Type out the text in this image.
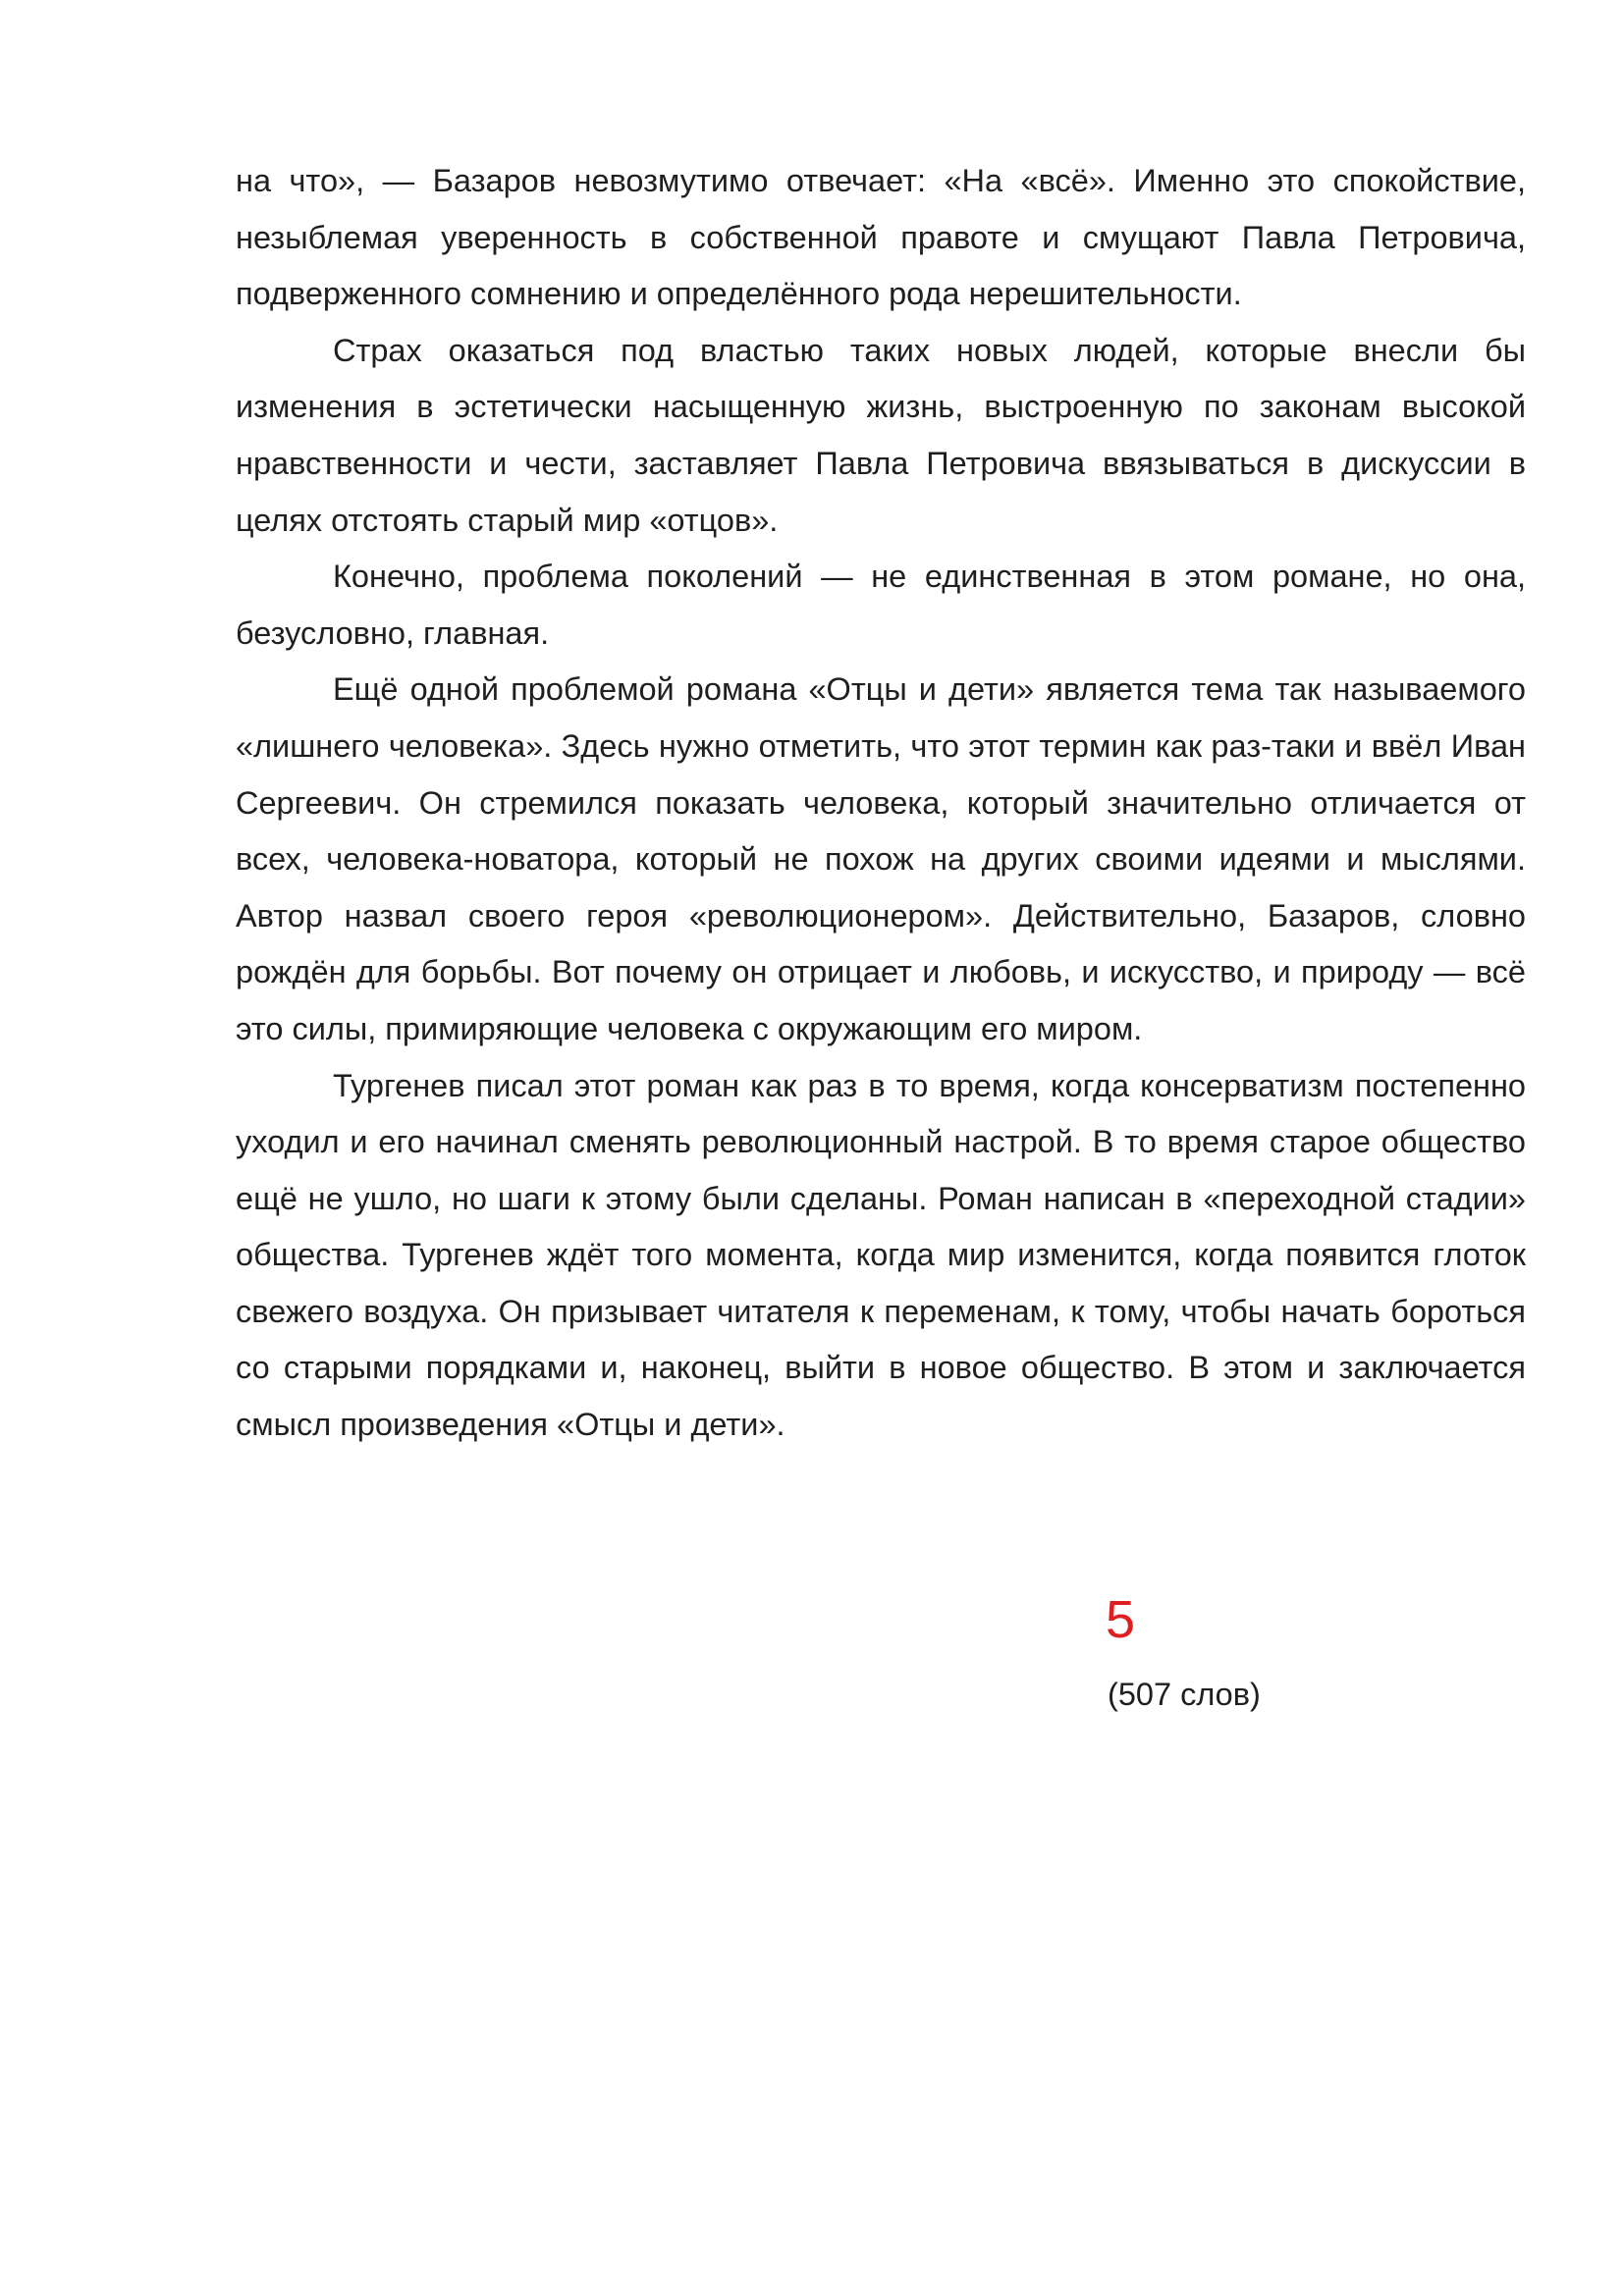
на что», — Базаров невозмутимо отвечает: «На «всё». Именно это спокойствие, незыблемая уверенность в собственной правоте и смущают Павла Петровича, подверженного сомнению и определённого рода нерешительности.

Страх оказаться под властью таких новых людей, которые внесли бы изменения в эстетически насыщенную жизнь, выстроенную по законам высокой нравственности и чести, заставляет Павла Петровича ввязываться в дискуссии в целях отстоять старый мир «отцов».

Конечно, проблема поколений — не единственная в этом романе, но она, безусловно, главная.

Ещё одной проблемой романа «Отцы и дети» является тема так называемого «лишнего человека». Здесь нужно отметить, что этот термин как раз-таки и ввёл Иван Сергеевич. Он стремился показать человека, который значительно отличается от всех, человека-новатора, который не похож на других своими идеями и мыслями. Автор назвал своего героя «революционером». Действительно, Базаров, словно рождён для борьбы. Вот почему он отрицает и любовь, и искусство, и природу — всё это силы, примиряющие человека с окружающим его миром.

Тургенев писал этот роман как раз в то время, когда консерватизм постепенно уходил и его начинал сменять революционный настрой. В то время старое общество ещё не ушло, но шаги к этому были сделаны. Роман написан в «переходной стадии» общества. Тургенев ждёт того момента, когда мир изменится, когда появится глоток свежего воздуха. Он призывает читателя к переменам, к тому, чтобы начать бороться со старыми порядками и, наконец, выйти в новое общество. В этом и заключается смысл произведения «Отцы и дети».

5
(507 слов)
